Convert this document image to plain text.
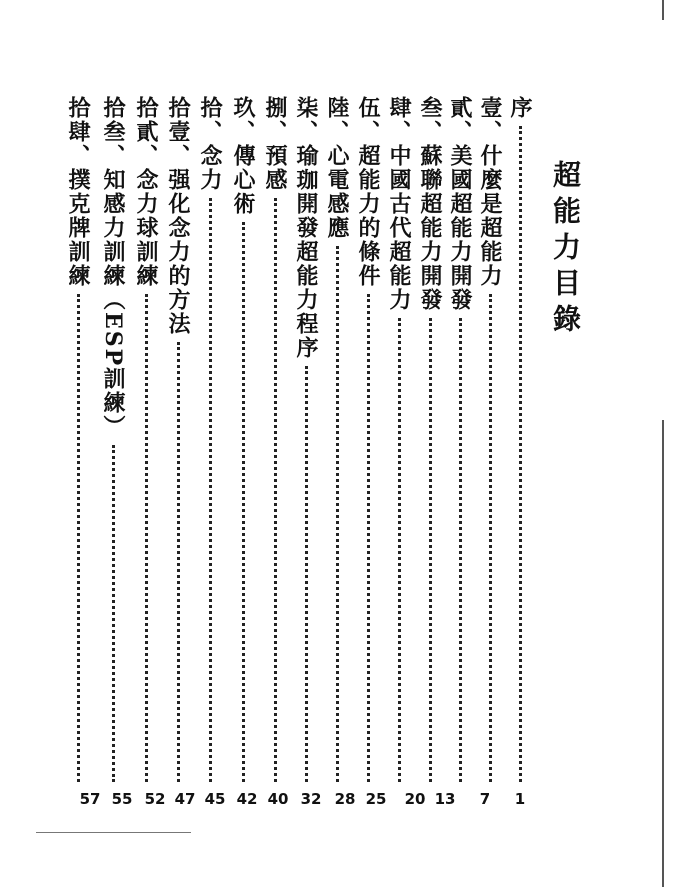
超能力目錄
序
壹、什麼是超能力
貳、美國超能力開發
叁、蘇聯超能力開發
肆、中國古代超能力
伍、超能力的條件
陸、心電感應
柒、瑜珈開發超能力程序
捌、預感
玖、傳心術
拾、念力
拾壹、强化念力的方法
拾貳、念力球訓練
拾叁、知感力訓練（ESP訓練）
拾肆、撲克牌訓練
1
7
13
20
25
28
32
40
42
45
47
52
55
57
